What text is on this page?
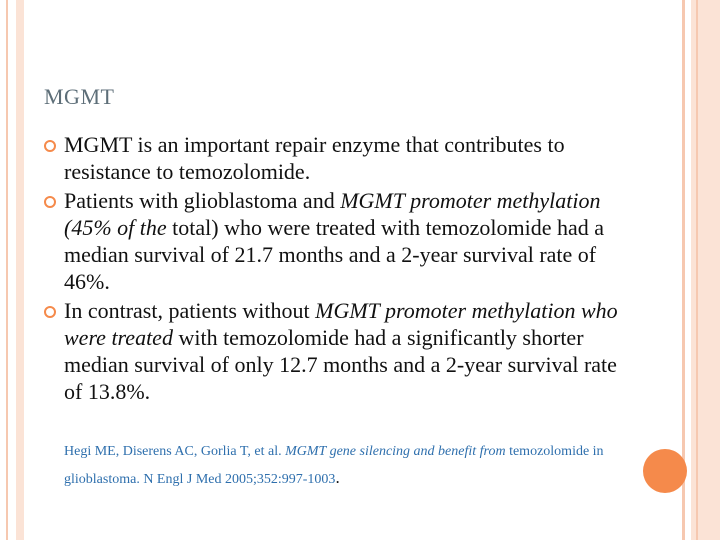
MGMT
MGMT is an important repair enzyme that contributes to resistance to temozolomide.
Patients with glioblastoma and MGMT promoter methylation (45% of the total) who were treated with temozolomide had a median survival of 21.7 months and a 2-year survival rate of 46%.
In contrast, patients without MGMT promoter methylation who were treated with temozolomide had a significantly shorter median survival of only 12.7 months and a 2-year survival rate of 13.8%.
Hegi ME, Diserens AC, Gorlia T, et al. MGMT gene silencing and benefit from temozolomide in glioblastoma. N Engl J Med 2005;352:997-1003.
